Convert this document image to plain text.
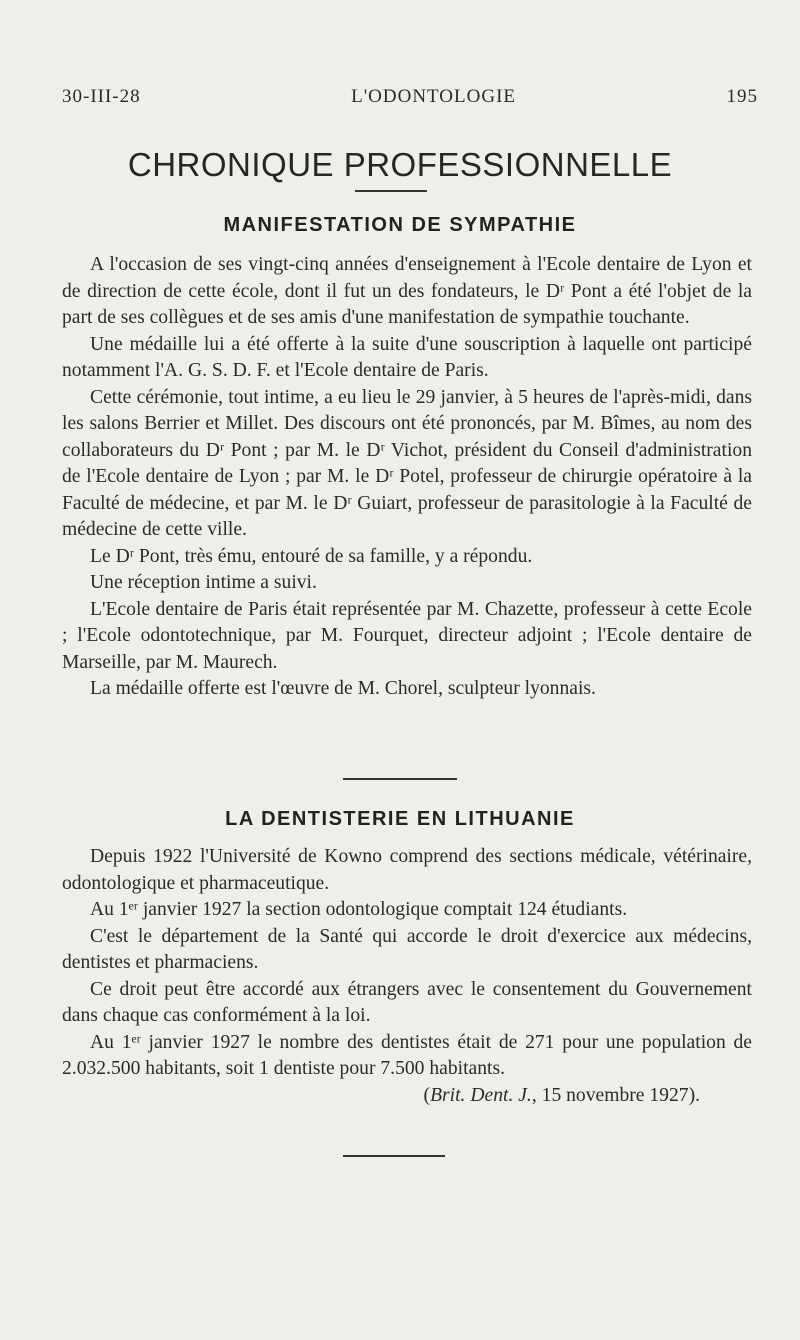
30-III-28	L'ODONTOLOGIE	195
CHRONIQUE PROFESSIONNELLE
MANIFESTATION DE SYMPATHIE

A l'occasion de ses vingt-cinq années d'enseignement à l'Ecole dentaire de Lyon et de direction de cette école, dont il fut un des fondateurs, le Dʳ Pont a été l'objet de la part de ses collègues et de ses amis d'une manifestation de sympathie touchante.

Une médaille lui a été offerte à la suite d'une souscription à laquelle ont participé notamment l'A. G. S. D. F. et l'Ecole dentaire de Paris.

Cette cérémonie, tout intime, a eu lieu le 29 janvier, à 5 heures de l'après-midi, dans les salons Berrier et Millet. Des discours ont été prononcés, par M. Bîmes, au nom des collaborateurs du Dʳ Pont ; par M. le Dʳ Vichot, président du Conseil d'administration de l'Ecole dentaire de Lyon ; par M. le Dʳ Potel, professeur de chirurgie opératoire à la Faculté de médecine, et par M. le Dʳ Guiart, professeur de parasitologie à la Faculté de médecine de cette ville.

Le Dʳ Pont, très ému, entouré de sa famille, y a répondu.

Une réception intime a suivi.

L'Ecole dentaire de Paris était représentée par M. Chazette, professeur à cette Ecole ; l'Ecole odontotechnique, par M. Fourquet, directeur adjoint ; l'Ecole dentaire de Marseille, par M. Maurech.

La médaille offerte est l'œuvre de M. Chorel, sculpteur lyonnais.

LA DENTISTERIE EN LITHUANIE

Depuis 1922 l'Université de Kowno comprend des sections médicale, vétérinaire, odontologique et pharmaceutique.

Au 1ᵉʳ janvier 1927 la section odontologique comptait 124 étudiants.

C'est le département de la Santé qui accorde le droit d'exercice aux médecins, dentistes et pharmaciens.

Ce droit peut être accordé aux étrangers avec le consentement du Gouvernement dans chaque cas conformément à la loi.

Au 1ᵉʳ janvier 1927 le nombre des dentistes était de 271 pour une population de 2.032.500 habitants, soit 1 dentiste pour 7.500 habitants.

(Brit. Dent. J., 15 novembre 1927).
